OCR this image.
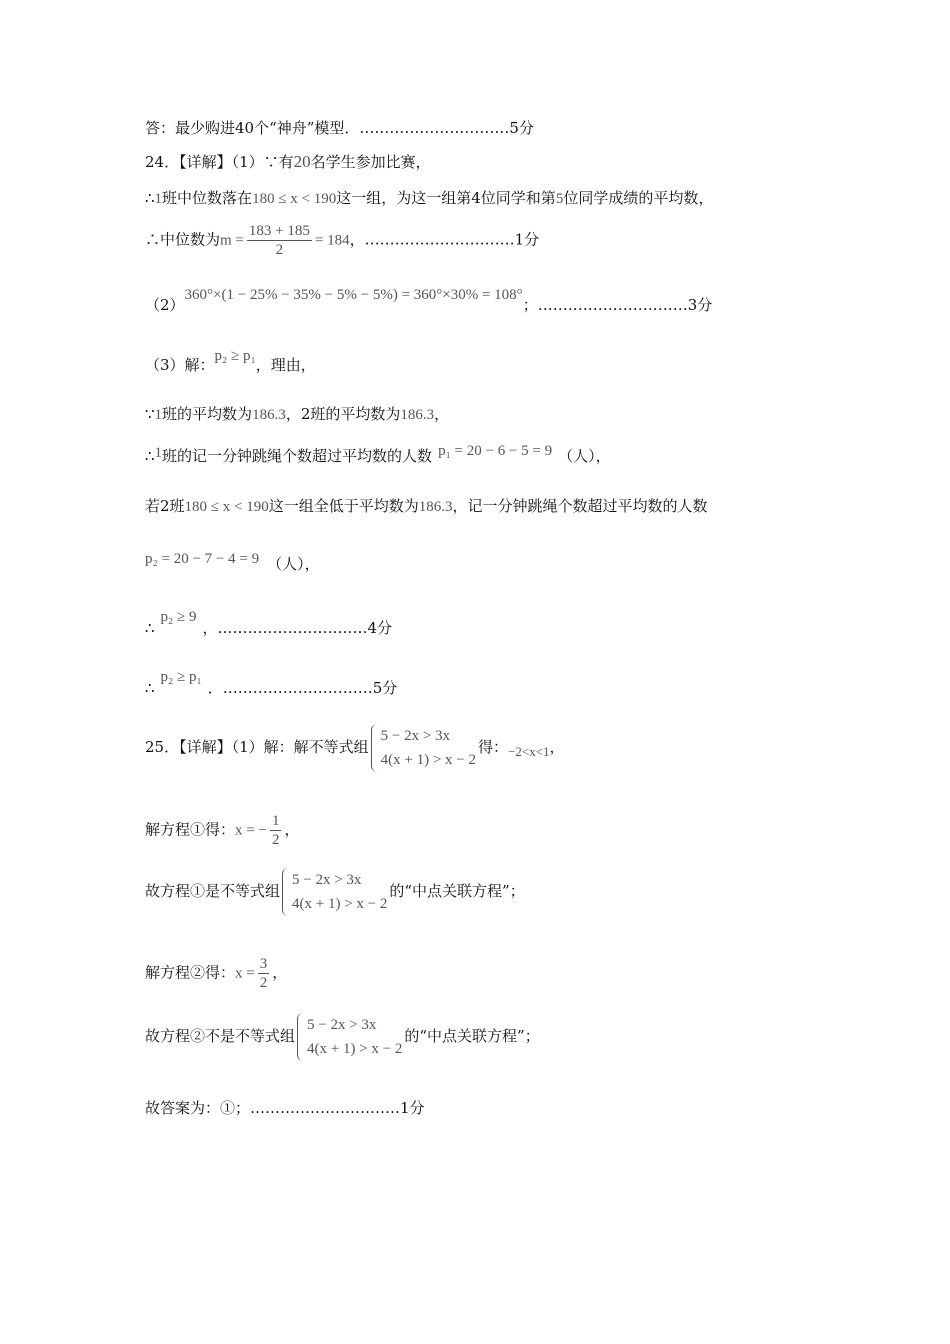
答：最少购进40个“神舟”模型．…………………………5分
24．【详解】（1）∵有20名学生参加比赛，
∴1班中位数落在180 ≤ x < 190这一组，为这一组第4位同学和第5位同学成绩的平均数，
∴中位数为$m = \frac{183 + 185}{2} = 184$，…………………………1分
（2）360°×(1 − 25% − 35% − 5% − 5%) = 360°×30% = 108°；…………………………3分
（3）解：p₂ ≥ p₁，理由，
∵1班的平均数为186.3，2班的平均数为186.3，
∴1班的记一分钟跳绳个数超过平均数的人数 p₁ = 20 − 6 − 5 = 9 （人），
若2班180 ≤ x < 190这一组全低于平均数为186.3，记一分钟跳绳个数超过平均数的人数
p₂ = 20 − 7 − 4 = 9 （人），
∴p₂ ≥ 9，…………………………4分
∴p₂ ≥ p₁．…………………………5分
25．【详解】（1）解：解不等式组
5 − 2x > 3x
4(x + 1) > x − 2
得：−2<x<1，
解方程①得：x = − $\frac{1}{2}$ ，
故方程①是不等式组
5 − 2x > 3x
4(x + 1) > x − 2
的“中点关联方程”；
解方程②得：$x = \frac{3}{2}$ ，
故方程②不是不等式组
5 − 2x > 3x
4(x + 1) > x − 2
的“中点关联方程”；
故答案为：①；…………………………1分
